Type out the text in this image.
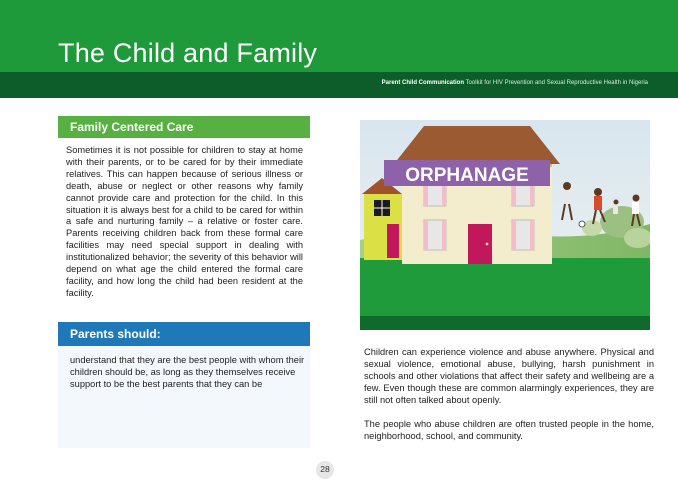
The Child and Family
Parent Child Communication Toolkit for HIV Prevention and Sexual Reproductive Health in Nigeria
Family Centered Care
Sometimes it is not possible for children to stay at home with their parents, or to be cared for by their immediate relatives. This can happen because of serious illness or death, abuse or neglect or other reasons why family cannot provide care and protection for the child. In this situation it is always best for a child to be cared for within a safe and nurturing family – a relative or foster care. Parents receiving children back from these formal care facilities may need special support in dealing with institutionalized behavior; the severity of this behavior will depend on what age the child entered the formal care facility, and how long the child had been resident at the facility.
Parents should:
understand that they are the best people with whom their children should be, as long as they themselves receive support to be the best parents that they can be
ORPHANAGE

Children can experience violence and abuse anywhere. Physical and sexual violence, emotional abuse, bullying, harsh punishment in schools and other violations that affect their safety and wellbeing are a few. Even though these are common alarmingly experiences, they are still not often talked about openly.

The people who abuse children are often trusted people in the home, neighborhood, school, and community.

28
